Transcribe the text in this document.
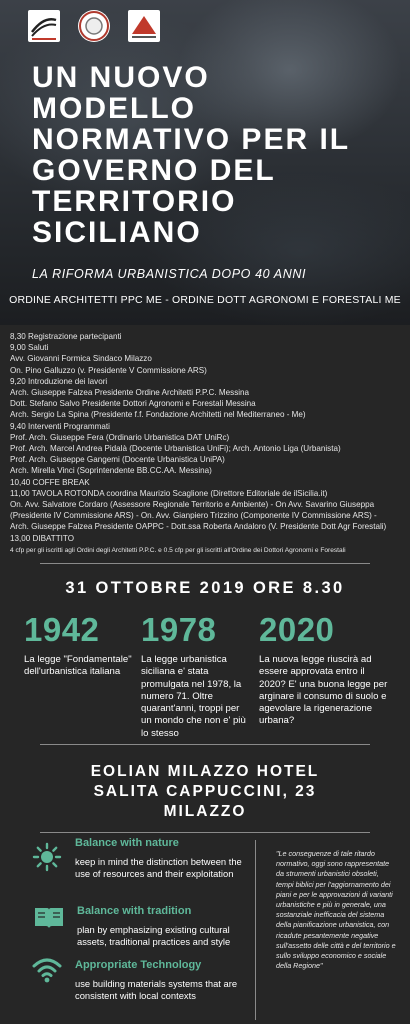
UN NUOVO
MODELLO
NORMATIVO PER IL
GOVERNO DEL
TERRITORIO
SICILIANO
LA RIFORMA URBANISTICA DOPO 40 ANNI
ORDINE ARCHITETTI PPC ME - ORDINE DOTT AGRONOMI E FORESTALI ME
8,30 Registrazione partecipanti
9,00 Saluti
Avv. Giovanni Formica Sindaco Milazzo
On. Pino Galluzzo (v. Presidente V Commissione ARS)
9,20 Introduzione dei lavori
Arch. Giuseppe Falzea Presidente Ordine Architetti P.P.C. Messina
Dott. Stefano Salvo Presidente Dottori Agronomi e Forestali Messina
Arch. Sergio La Spina (Presidente f.f. Fondazione Architetti nel Mediterraneo - Me)
9,40 Interventi Programmati
Prof. Arch. Giuseppe Fera (Ordinario Urbanistica DAT UniRc)
Prof. Arch. Marcel Andrea Pidalà (Docente Urbanistica UniFi); Arch. Antonio Liga (Urbanista)
Prof. Arch. Giuseppe Gangemi (Docente Urbanistica UniPA)
Arch. Mirella Vinci (Soprintendente BB.CC.AA. Messina)
10,40 COFFE BREAK
11,00 TAVOLA ROTONDA coordina Maurizio Scaglione (Direttore Editoriale de ilSicilia.it)
On. Avv. Salvatore Cordaro (Assessore Regionale Territorio e Ambiente) - On Avv. Savarino Giuseppa
(Presidente IV Commissione ARS) - On. Avv. Gianpiero Trizzino (Componente IV Commissione ARS) -
Arch. Giuseppe Falzea Presidente OAPPC - Dott.ssa Roberta Andaloro (V. Presidente Dott Agr Forestali)
13,00 DIBATTITO
4 cfp per gli iscritti agli Ordini degli Architetti P.P.C. e 0.5 cfp per gli iscritti all'Ordine dei Dottori Agronomi e Forestali
31 OTTOBRE 2019 ORE 8.30
1942
La legge "Fondamentale" dell'urbanistica italiana
1978
La legge urbanistica siciliana e' stata promulgata nel 1978, la numero 71. Oltre quarant'anni, troppi per un mondo che non e' più lo stesso
2020
La nuova legge riuscirà ad essere approvata entro il 2020? E' una buona legge per arginare il consumo di suolo e agevolare la rigenerazione urbana?
EOLIAN MILAZZO HOTEL
SALITA CAPPUCCINI, 23
MILAZZO
Balance with nature
keep in mind the distinction between the use of resources and their exploitation
Balance with tradition
plan by emphasizing existing cultural assets, traditional practices and style
Appropriate Technology
use building materials systems that are consistent with local contexts
"Le conseguenze di tale ritardo normativo, oggi sono rappresentate da strumenti urbanistici obsoleti, tempi biblici per l'aggiornamento dei piani e per le approvazioni di varianti urbanistiche e più in generale, una sostanziale inefficacia del sistema della pianificazione urbanistica, con ricadute pesantemente negative sull'assetto delle città e del territorio e sullo sviluppo economico e sociale della Regione"
